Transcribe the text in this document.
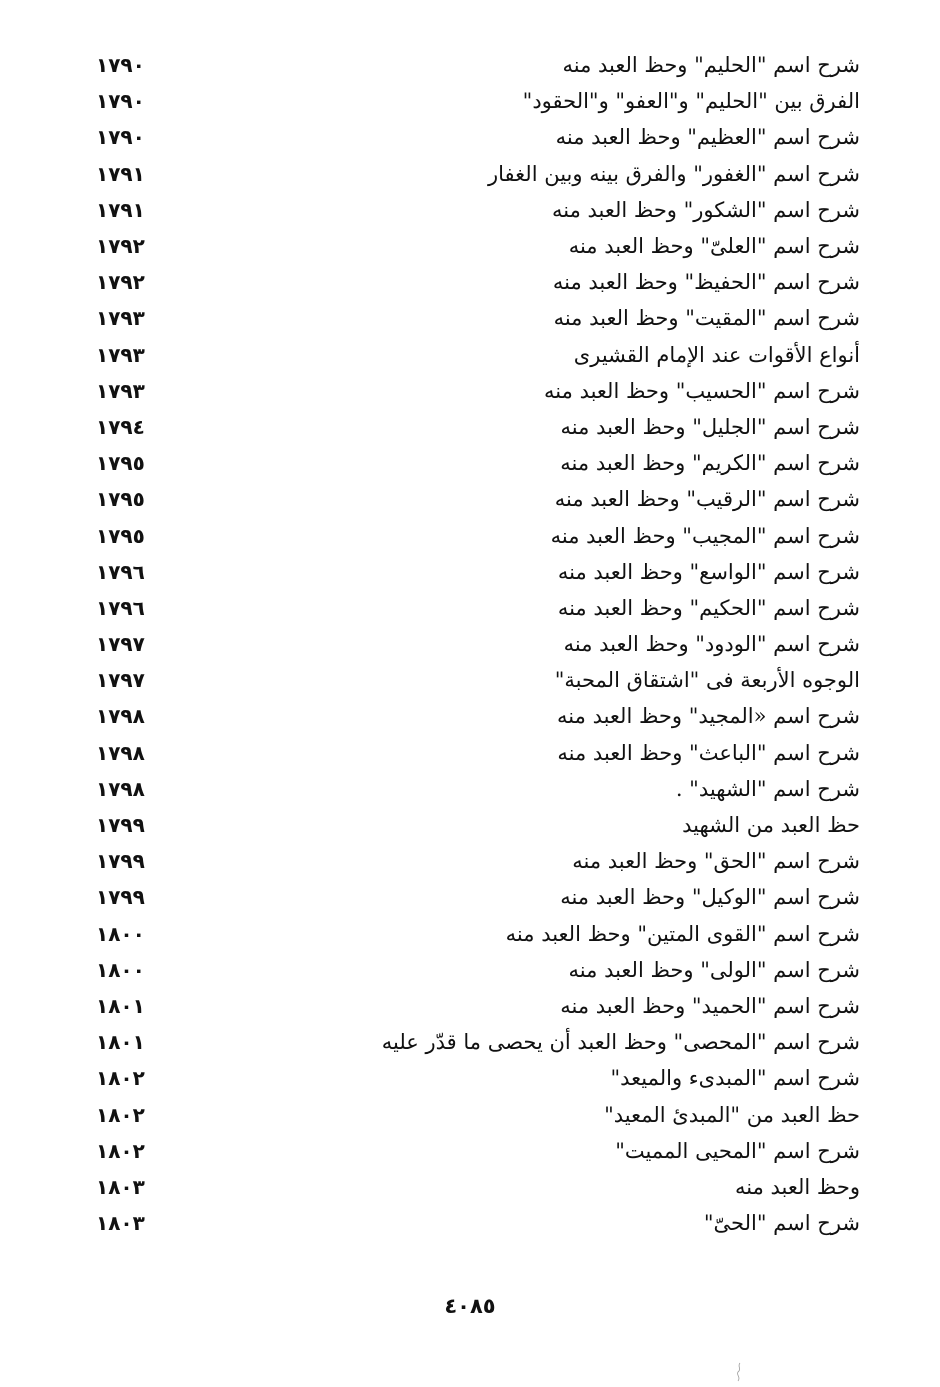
١٧٩٠	شرح اسم "الحليم" وحظ العبد منه
١٧٩٠	الفرق بين "الحليم" و"العفو" و"الحقود"
١٧٩٠	شرح اسم "العظيم" وحظ العبد منه
١٧٩١	شرح اسم "الغفور" والفرق بينه وبين الغفار
١٧٩١	شرح اسم "الشكور" وحظ العبد منه
١٧٩٢	شرح اسم "العلىّ" وحظ العبد منه
١٧٩٢	شرح اسم "الحفيظ" وحظ العبد منه
١٧٩٣	شرح اسم "المقيت" وحظ العبد منه
١٧٩٣	أنواع الأقوات عند الإمام القشيرى
١٧٩٣	شرح اسم "الحسيب" وحظ العبد منه
١٧٩٤	شرح اسم "الجليل" وحظ العبد منه
١٧٩٥	شرح اسم "الكريم" وحظ العبد منه
١٧٩٥	شرح اسم "الرقيب" وحظ العبد منه
١٧٩٥	شرح اسم "المجيب" وحظ العبد منه
١٧٩٦	شرح اسم "الواسع" وحظ العبد منه
١٧٩٦	شرح اسم "الحكيم" وحظ العبد منه
١٧٩٧	شرح اسم "الودود" وحظ العبد منه
١٧٩٧	الوجوه الأربعة فى "اشتقاق المحبة"
١٧٩٨	شرح اسم «المجيد" وحظ العبد منه
١٧٩٨	شرح اسم "الباعث" وحظ العبد منه
١٧٩٨	شرح اسم "الشهيد" .
١٧٩٩	حظ العبد من الشهيد
١٧٩٩	شرح اسم "الحق" وحظ العبد منه
١٧٩٩	شرح اسم "الوكيل" وحظ العبد منه
١٨٠٠	شرح اسم "القوى المتين" وحظ العبد منه
١٨٠٠	شرح اسم "الولى" وحظ العبد منه
١٨٠١	شرح اسم "الحميد" وحظ العبد منه
١٨٠١	شرح اسم "المحصى" وحظ العبد أن يحصى ما قدّر عليه
١٨٠٢	شرح اسم "المبدىء والميعد"
١٨٠٢	حظ العبد من "المبدئ المعيد"
١٨٠٢	شرح اسم "المحيى المميت"
١٨٠٣	وحظ العبد منه
١٨٠٣	شرح اسم "الحىّ"
٤٠٨٥
